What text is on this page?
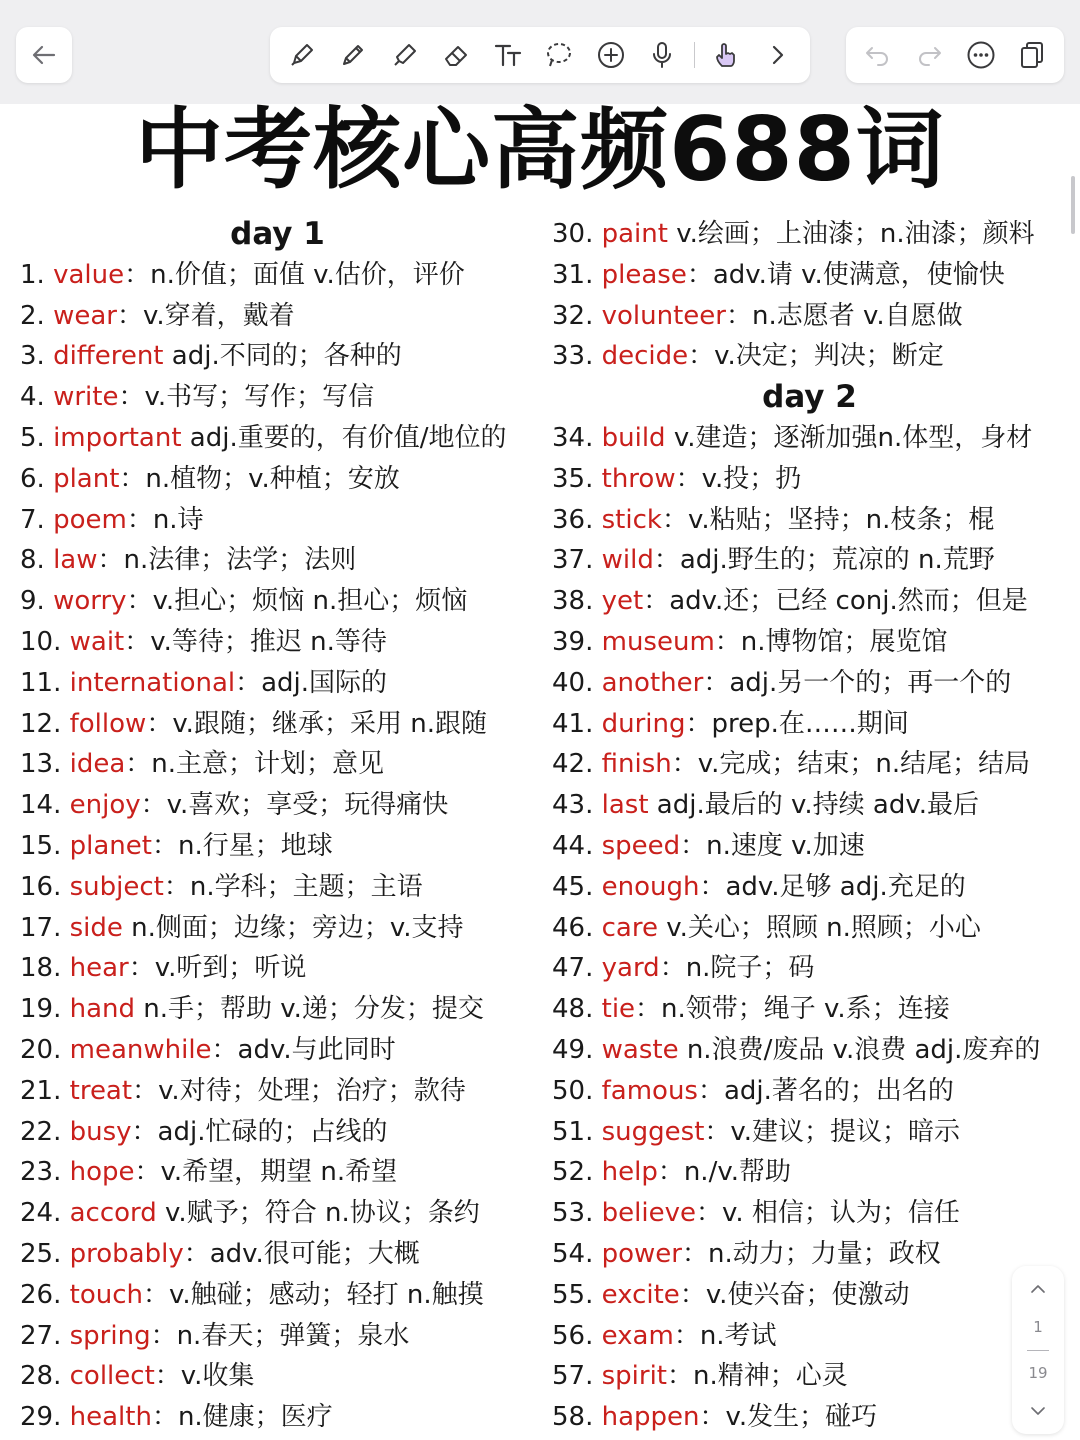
中考核心高频688词
day 1
1. value：n.价值；面值 v.估价，评价
2. wear：v.穿着，戴着
3. different adj.不同的；各种的
4. write：v.书写；写作；写信
5. important adj.重要的，有价值/地位的
6. plant：n.植物；v.种植；安放
7. poem：n.诗
8. law：n.法律；法学；法则
9. worry：v.担心；烦恼 n.担心；烦恼
10. wait：v.等待；推迟 n.等待
11. international：adj.国际的
12. follow：v.跟随；继承；采用 n.跟随
13. idea：n.主意；计划；意见
14. enjoy：v.喜欢；享受；玩得痛快
15. planet：n.行星；地球
16. subject：n.学科；主题；主语
17. side n.侧面；边缘；旁边；v.支持
18. hear：v.听到；听说
19. hand n.手；帮助 v.递；分发；提交
20. meanwhile：adv.与此同时
21. treat：v.对待；处理；治疗；款待
22. busy：adj.忙碌的；占线的
23. hope：v.希望，期望 n.希望
24. accord v.赋予；符合 n.协议；条约
25. probably：adv.很可能；大概
26. touch：v.触碰；感动；轻打 n.触摸
27. spring：n.春天；弹簧；泉水
28. collect：v.收集
29. health：n.健康；医疗
30. paint v.绘画；上油漆；n.油漆；颜料
31. please：adv.请 v.使满意，使愉快
32. volunteer：n.志愿者 v.自愿做
33. decide：v.决定；判决；断定
day 2
34. build v.建造；逐渐加强n.体型，身材
35. throw：v.投；扔
36. stick：v.粘贴；坚持；n.枝条；棍
37. wild：adj.野生的；荒凉的 n.荒野
38. yet：adv.还；已经 conj.然而；但是
39. museum：n.博物馆；展览馆
40. another：adj.另一个的；再一个的
41. during：prep.在……期间
42. finish：v.完成；结束；n.结尾；结局
43. last adj.最后的 v.持续 adv.最后
44. speed：n.速度 v.加速
45. enough：adv.足够 adj.充足的
46. care v.关心；照顾 n.照顾；小心
47. yard：n.院子；码
48. tie：n.领带；绳子 v.系；连接
49. waste n.浪费/废品 v.浪费 adj.废弃的
50. famous：adj.著名的；出名的
51. suggest：v.建议；提议；暗示
52. help：n./v.帮助
53. believe：v. 相信；认为；信任
54. power：n.动力；力量；政权
55. excite：v.使兴奋；使激动
56. exam：n.考试
57. spirit：n.精神；心灵
58. happen：v.发生；碰巧
1
19
